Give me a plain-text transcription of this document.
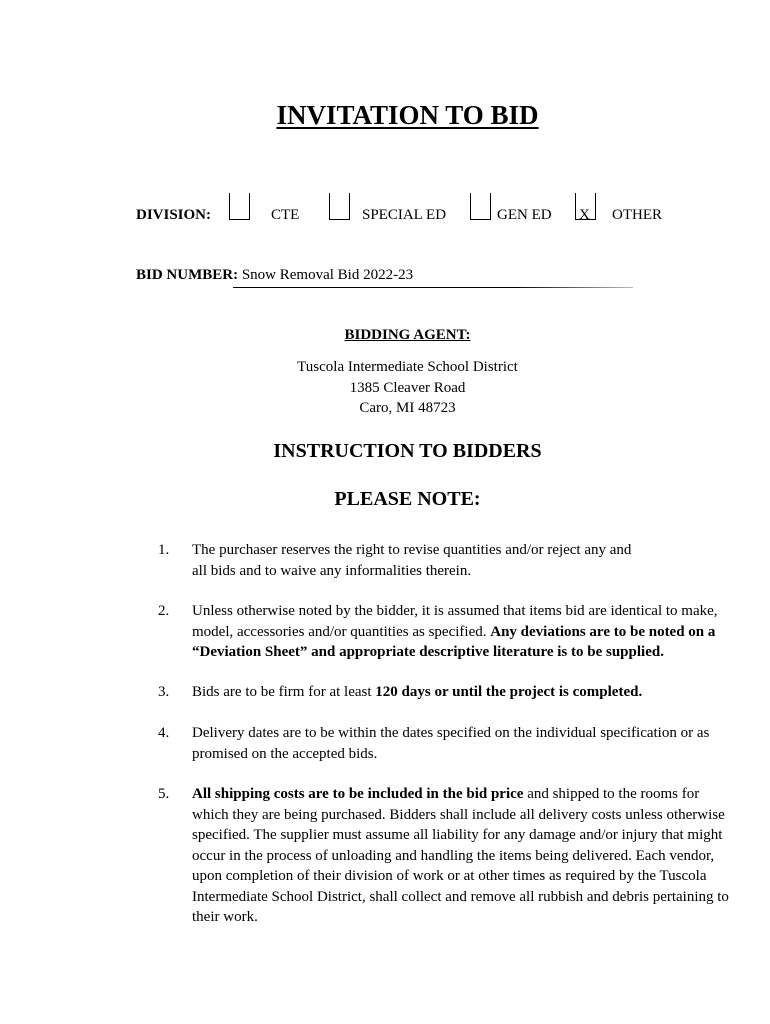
INVITATION TO BID
DIVISION:	CTE	SPECIAL ED	GEN ED X OTHER
BID NUMBER: Snow Removal Bid 2022-23
BIDDING AGENT:
Tuscola Intermediate School District
1385 Cleaver Road
Caro, MI 48723
INSTRUCTION TO BIDDERS
PLEASE NOTE:
1. The purchaser reserves the right to revise quantities and/or reject any and
all bids and to waive any informalities therein.
2. Unless otherwise noted by the bidder, it is assumed that items bid are identical to make, model, accessories and/or quantities as specified. Any deviations are to be noted on a “Deviation Sheet” and appropriate descriptive literature is to be supplied.
3. Bids are to be firm for at least 120 days or until the project is completed.
4. Delivery dates are to be within the dates specified on the individual specification or as promised on the accepted bids.
5. All shipping costs are to be included in the bid price and shipped to the rooms for which they are being purchased. Bidders shall include all delivery costs unless otherwise specified. The supplier must assume all liability for any damage and/or injury that might occur in the process of unloading and handling the items being delivered. Each vendor, upon completion of their division of work or at other times as required by the Tuscola Intermediate School District, shall collect and remove all rubbish and debris pertaining to their work.
